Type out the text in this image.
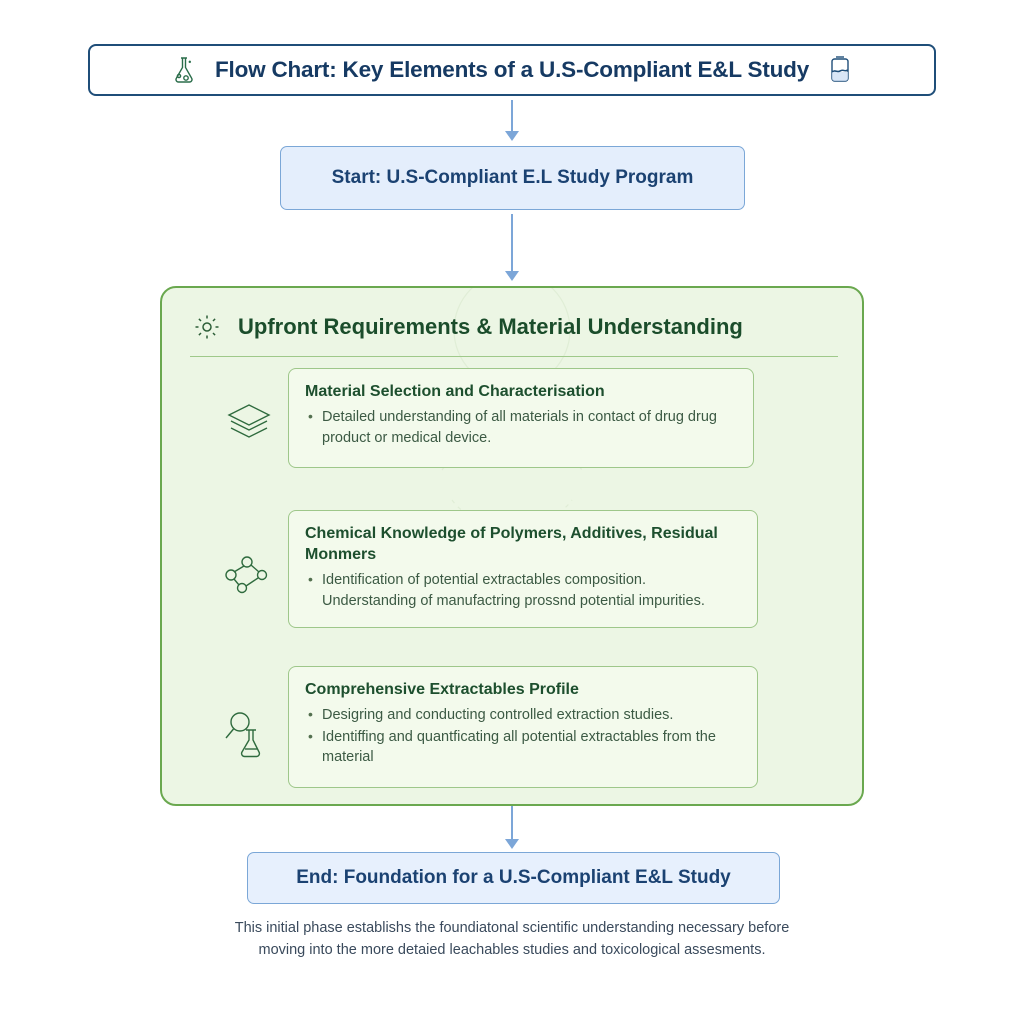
Flow Chart: Key Elements of a U.S-Compliant E&L Study
Start: U.S-Compliant E.L Study Program
Upfront Requirements & Material Understanding
Material Selection and Characterisation
• Detailed understanding of all materials in contact of drug drug product or medical device.
Chemical Knowledge of Polymers, Additives, Residual Monmers
• Identification of potential extractables composition. Understanding of manufactring prossnd potential impurities.
Comprehensive Extractables Profile
• Desigring and conducting controlled extraction studies.
• Identiffing and quantficating all potential extractables from the material
End: Foundation for a U.S-Compliant E&L Study
This initial phase establishs the foundiatonal scientific understanding necessary before
moving into the more detaied leachables studies and toxicological assesments.
